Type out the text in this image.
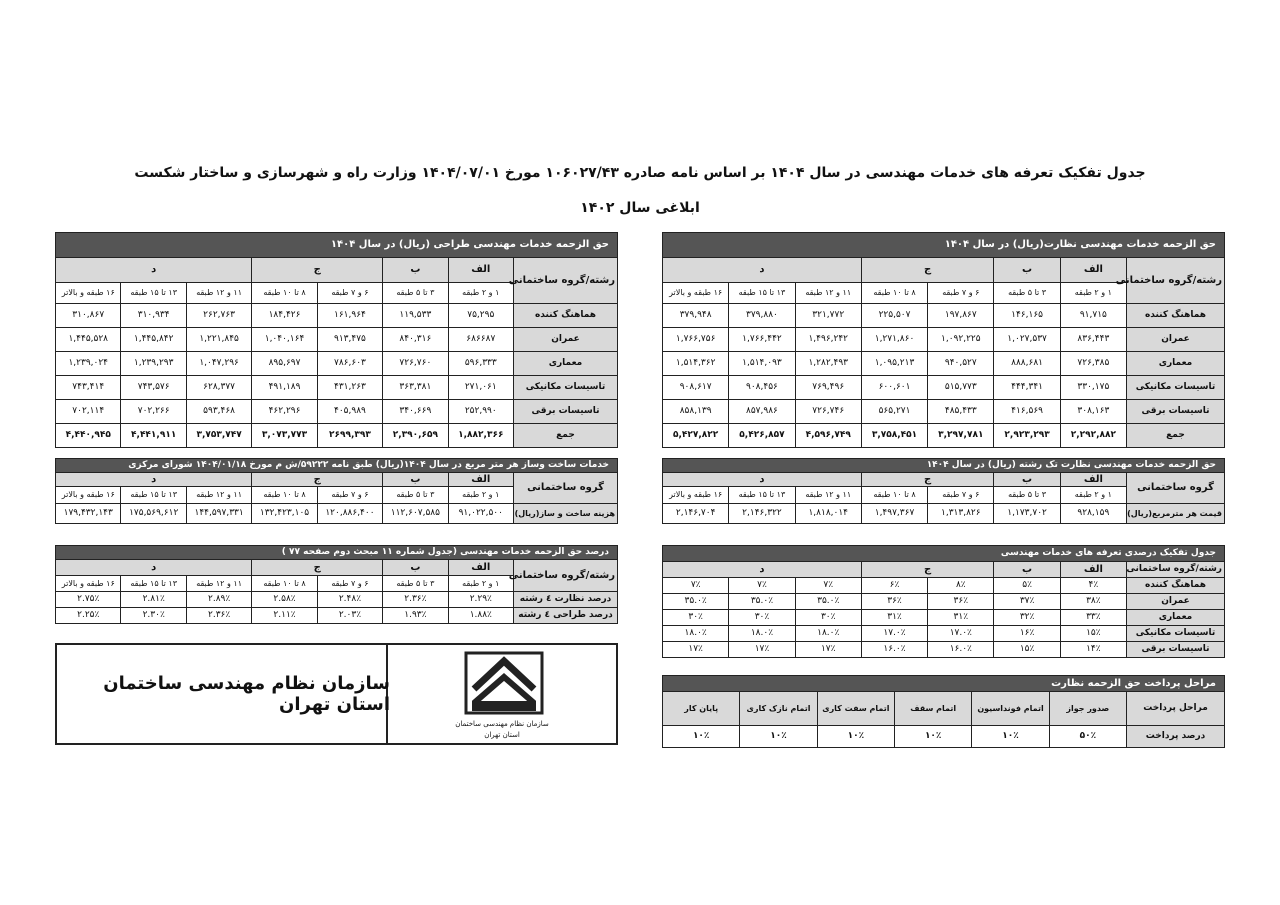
جدول تفکیک تعرفه های خدمات مهندسی در سال ۱۴۰۴ بر اساس نامه صادره ۱۰۶۰۲۷/۴۳ مورخ ۱۴۰۴/۰۷/۰۱ وزارت راه و شهرسازی و ساختار شکست
ابلاغی سال ۱۴۰۲
حق الزحمه خدمات مهندسی نظارت(ریال) در سال ۱۴۰۴							
رشته/گروه ساختمانی	الف	ب	ج		د		
	۱ و ۲ طبقه	۳ تا ۵ طبقه	۶ و ۷ طبقه	۸ تا ۱۰ طبقه	۱۱ و ۱۲ طبقه	۱۳ تا ۱۵ طبقه	۱۶ طبقه و بالاتر
هماهنگ کننده	۹۱,۷۱۵	۱۴۶,۱۶۵	۱۹۷,۸۶۷	۲۲۵,۵۰۷	۳۲۱,۷۷۲	۳۷۹,۸۸۰	۳۷۹,۹۴۸
عمران	۸۳۶,۴۴۳	۱,۰۲۷,۵۳۷	۱,۰۹۲,۲۲۵	۱,۲۷۱,۸۶۰	۱,۴۹۶,۲۴۲	۱,۷۶۶,۴۴۲	۱,۷۶۶,۷۵۶
معماری	۷۲۶,۳۸۵	۸۸۸,۶۸۱	۹۴۰,۵۲۷	۱,۰۹۵,۲۱۳	۱,۲۸۲,۴۹۳	۱,۵۱۴,۰۹۳	۱,۵۱۴,۳۶۲
تاسیسات مکانیکی	۳۳۰,۱۷۵	۴۴۴,۳۴۱	۵۱۵,۷۷۳	۶۰۰,۶۰۱	۷۶۹,۴۹۶	۹۰۸,۴۵۶	۹۰۸,۶۱۷
تاسیسات برقی	۳۰۸,۱۶۳	۴۱۶,۵۶۹	۴۸۵,۴۳۳	۵۶۵,۲۷۱	۷۲۶,۷۴۶	۸۵۷,۹۸۶	۸۵۸,۱۳۹
جمع	۲,۲۹۲,۸۸۲	۲,۹۲۳,۲۹۳	۳,۲۹۷,۷۸۱	۳,۷۵۸,۴۵۱	۴,۵۹۶,۷۴۹	۵,۴۲۶,۸۵۷	۵,۴۲۷,۸۲۲
حق الزحمه خدمات مهندسی طراحی (ریال) در سال ۱۴۰۴							
رشته/گروه ساختمانی	الف	ب	ج		د		
	۱ و ۲ طبقه	۳ تا ۵ طبقه	۶ و ۷ طبقه	۸ تا ۱۰ طبقه	۱۱ و ۱۲ طبقه	۱۳ تا ۱۵ طبقه	۱۶ طبقه و بالاتر
هماهنگ کننده	۷۵,۲۹۵	۱۱۹,۵۳۳	۱۶۱,۹۶۴	۱۸۴,۴۲۶	۲۶۲,۷۶۳	۳۱۰,۹۳۴	۳۱۰,۸۶۷
عمران	۶۸۶۶۸۷	۸۴۰,۳۱۶	۹۱۳,۴۷۵	۱,۰۴۰,۱۶۴	۱,۲۲۱,۸۴۵	۱,۴۴۵,۸۴۲	۱,۴۴۵,۵۲۸
معماری	۵۹۶,۳۳۳	۷۲۶,۷۶۰	۷۸۶,۶۰۳	۸۹۵,۶۹۷	۱,۰۴۷,۲۹۶	۱,۲۳۹,۲۹۳	۱,۲۳۹,۰۲۴
تاسیسات مکانیکی	۲۷۱,۰۶۱	۳۶۳,۳۸۱	۴۳۱,۲۶۳	۴۹۱,۱۸۹	۶۲۸,۳۷۷	۷۴۳,۵۷۶	۷۴۳,۴۱۴
تاسیسات برقی	۲۵۲,۹۹۰	۳۴۰,۶۶۹	۴۰۵,۹۸۹	۴۶۲,۲۹۶	۵۹۳,۴۶۸	۷۰۲,۲۶۶	۷۰۲,۱۱۴
جمع	۱,۸۸۲,۳۶۶	۲,۳۹۰,۶۵۹	۲۶۹۹,۳۹۳	۳,۰۷۳,۷۷۳	۳,۷۵۳,۷۴۷	۴,۴۴۱,۹۱۱	۴,۴۴۰,۹۴۵
حق الزحمه خدمات مهندسی نظارت تک رشته (ریال) در سال ۱۴۰۴							
گروه ساختمانی	الف	ب	ج		د		
	۱ و ۲ طبقه	۳ تا ۵ طبقه	۶ و ۷ طبقه	۸ تا ۱۰ طبقه	۱۱ و ۱۲ طبقه	۱۳ تا ۱۵ طبقه	۱۶ طبقه و بالاتر
قیمت هر مترمربع(ریال)	۹۲۸,۱۵۹	۱,۱۷۳,۷۰۲	۱,۳۱۳,۸۲۶	۱,۴۹۷,۳۶۷	۱,۸۱۸,۰۱۴	۲,۱۴۶,۳۲۲	۲,۱۴۶,۷۰۴
خدمات ساخت وساز هر متر مربع در سال ۱۴۰۴(ریال) طبق نامه ۵۹۲۲۲/ش م مورخ ۱۴۰۴/۰۱/۱۸ شورای مرکزی							
گروه ساختمانی	الف	ب	ج		د		
	۱ و ۲ طبقه	۳ تا ۵ طبقه	۶ و ۷ طبقه	۸ تا ۱۰ طبقه	۱۱ و ۱۲ طبقه	۱۳ تا ۱۵ طبقه	۱۶ طبقه و بالاتر
هزینه ساخت و ساز(ریال)	۹۱,۰۲۲,۵۰۰	۱۱۲,۶۰۷,۵۸۵	۱۲۰,۸۸۶,۴۰۰	۱۳۲,۴۲۳,۱۰۵	۱۴۴,۵۹۷,۳۳۱	۱۷۵,۵۶۹,۶۱۲	۱۷۹,۴۳۲,۱۴۳
درصد حق الزحمه خدمات مهندسی (جدول شماره ۱۱ مبحث دوم صفحه ۷۷ )							
رشته/گروه ساختمانی	الف	ب	ج		د		
	۱ و ۲ طبقه	۳ تا ۵ طبقه	۶ و ۷ طبقه	۸ تا ۱۰ طبقه	۱۱ و ۱۲ طبقه	۱۳ تا ۱۵ طبقه	۱۶ طبقه و بالاتر
درصد نظارت ٤ رشته	۲.۲۹٪	۲.۳۶٪	۲.۴۸٪	۲.۵۸٪	۲.۸۹٪	۲.۸۱٪	۲.۷۵٪
درصد طراحی ٤ رشته	۱.۸۸٪	۱.۹۳٪	۲.۰۳٪	۲.۱۱٪	۲.۳۶٪	۲.۳۰٪	۲.۲۵٪
جدول تفکیک درصدی تعرفه های خدمات مهندسی							
رشته/گروه ساختمانی	الف	ب	ج		د		
هماهنگ کننده	۴٪	۵٪	۸٪	۶٪	۷٪	۷٪	۷٪
عمران	۳۸٪	۳۷٪	۳۶٪	۳۶٪	۳۵.۰٪	۳۵.۰٪	۳۵.۰٪
معماری	۳۳٪	۳۲٪	۳۱٪	۳۱٪	۳۰٪	۳۰٪	۳۰٪
تاسیسات مکانیکی	۱۵٪	۱۶٪	۱۷.۰٪	۱۷.۰٪	۱۸.۰٪	۱۸.۰٪	۱۸.۰٪
تاسیسات برقی	۱۴٪	۱۵٪	۱۶.۰٪	۱۶.۰٪	۱۷٪	۱۷٪	۱۷٪
مراحل پرداخت حق الزحمه نظارت						
مراحل پرداخت	صدور جواز	اتمام فونداسیون	اتمام سقف	اتمام سفت کاری	اتمام نازک کاری	پایان کار
درصد پرداخت	۵۰٪	۱۰٪	۱۰٪	۱۰٪	۱۰٪	۱۰٪
سازمان نظام مهندسی ساختمان
استان تهران
سازمان نظام مهندسی ساختمان استان تهران
